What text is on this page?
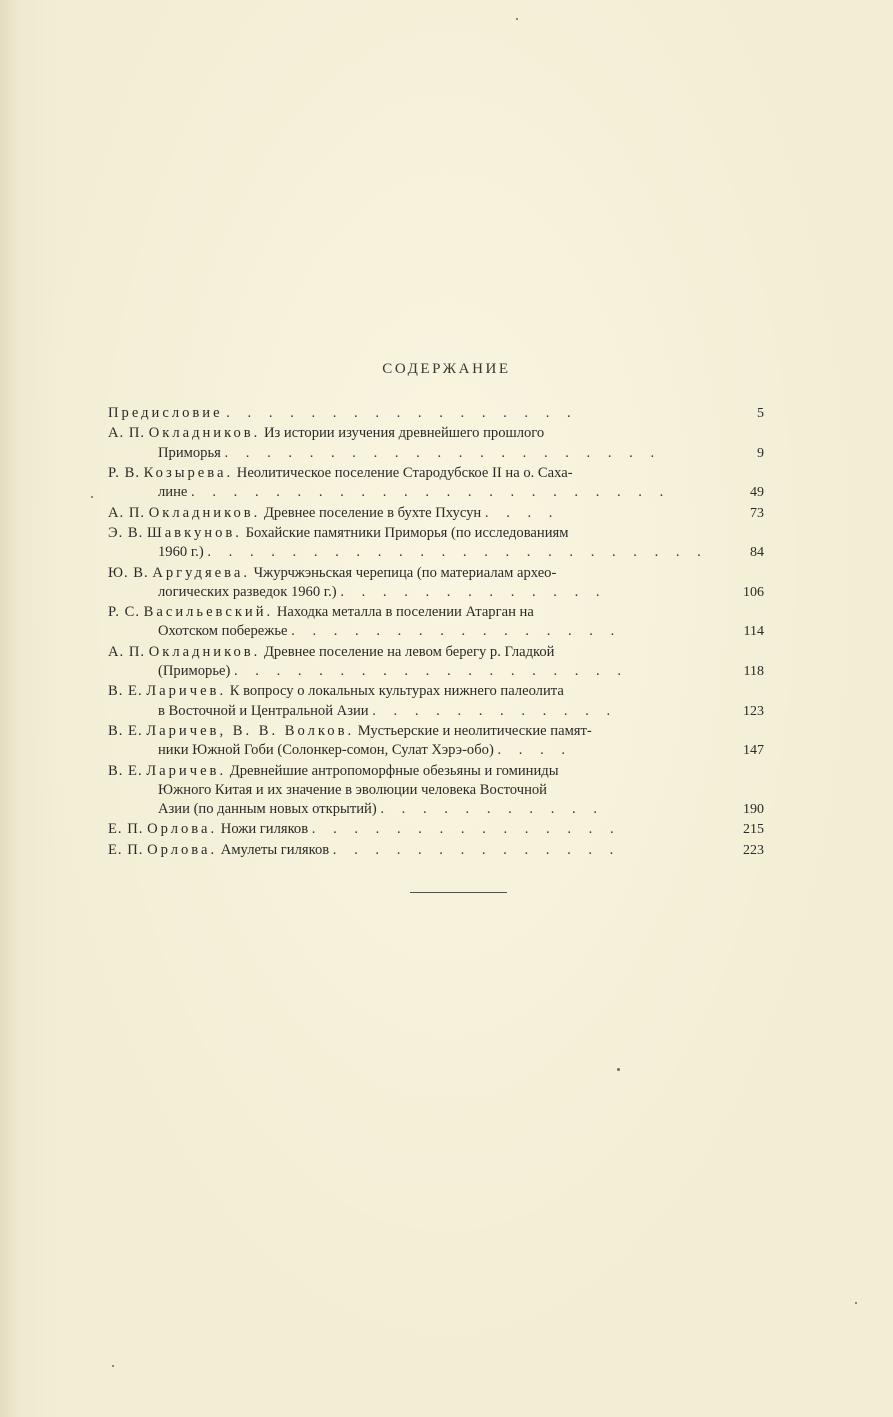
СОДЕРЖАНИЕ
Предисловие . . . . . . . . . . . . . . . . .	5
А. П. Окладников. Из истории изучения древнейшего прошлого
Приморья . . . . . . . . . . . . . . . . . . . . .	9
Р. В. Козырева. Неолитическое поселение Стародубское II на о. Саха-
лине . . . . . . . . . . . . . . . . . . . . . . .	49
А. П. Окладников. Древнее поселение в бухте Пхусун . . . .	73
Э. В. Шавкунов. Бохайские памятники Приморья (по исследованиям
1960 г.) . . . . . . . . . . . . . . . . . . . . . . . .	84
Ю. В. Аргудяева. Чжурчжэньская черепица (по материалам архео-
логических разведок 1960 г.) . . . . . . . . . . . . .	106
Р. С. Васильевский. Находка металла в поселении Атарган на
Охотском побережье . . . . . . . . . . . . . . . .	114
А. П. Окладников. Древнее поселение на левом берегу р. Гладкой
(Приморье) . . . . . . . . . . . . . . . . . . .	118
В. Е. Ларичев. К вопросу о локальных культурах нижнего палеолита
в Восточной и Центральной Азии . . . . . . . . . . . .	123
В. Е. Ларичев, В. В. Волков. Мустьерские и неолитические памят-
ники Южной Гоби (Солонкер-сомон, Сулат Хэрэ-обо) . . . .	147
В. Е. Ларичев. Древнейшие антропоморфные обезьяны и гоминиды
Южного Китая и их значение в эволюции человека Восточной
Азии (по данным новых открытий) . . . . . . . . . . .	190
Е. П. Орлова. Ножи гиляков . . . . . . . . . . . . . . .	215
Е. П. Орлова. Амулеты гиляков . . . . . . . . . . . . . .	223
